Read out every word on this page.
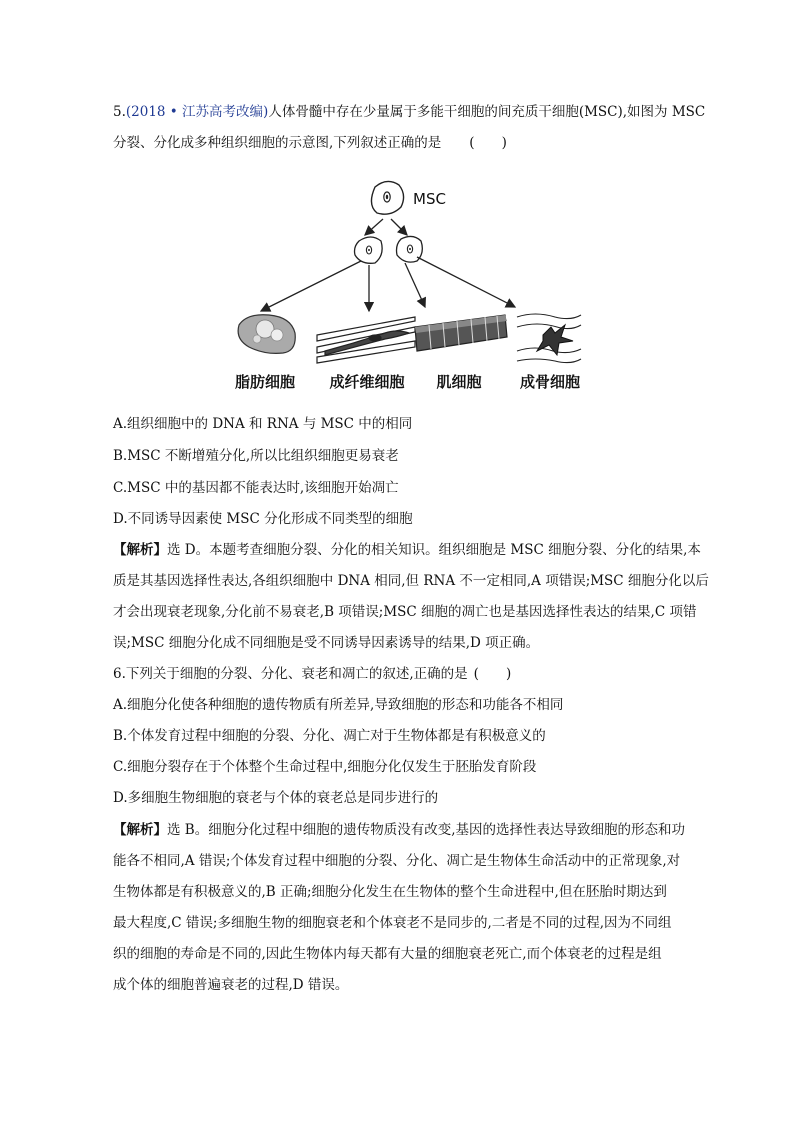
5.(2018 • 江苏高考改编)人体骨髓中存在少量属于多能干细胞的间充质干细胞(MSC),如图为 MSC
分裂、分化成多种组织细胞的示意图,下列叙述正确的是 (　　)
MSC
脂肪细胞 成纤维细胞 肌细胞	成骨细胞
A.组织细胞中的 DNA 和 RNA 与 MSC 中的相同
B.MSC 不断增殖分化,所以比组织细胞更易衰老
C.MSC 中的基因都不能表达时,该细胞开始凋亡
D.不同诱导因素使 MSC 分化形成不同类型的细胞
【解析】选 D。本题考查细胞分裂、分化的相关知识。组织细胞是 MSC 细胞分裂、分化的结果,本
质是其基因选择性表达,各组织细胞中 DNA 相同,但 RNA 不一定相同,A 项错误;MSC 细胞分化以后
才会出现衰老现象,分化前不易衰老,B 项错误;MSC 细胞的凋亡也是基因选择性表达的结果,C 项错
误;MSC 细胞分化成不同细胞是受不同诱导因素诱导的结果,D 项正确。
6.下列关于细胞的分裂、分化、衰老和凋亡的叙述,正确的是 (　　)
A.细胞分化使各种细胞的遗传物质有所差异,导致细胞的形态和功能各不相同
B.个体发育过程中细胞的分裂、分化、凋亡对于生物体都是有积极意义的
C.细胞分裂存在于个体整个生命过程中,细胞分化仅发生于胚胎发育阶段
D.多细胞生物细胞的衰老与个体的衰老总是同步进行的
【解析】选 B。细胞分化过程中细胞的遗传物质没有改变,基因的选择性表达导致细胞的形态和功
能各不相同,A 错误;个体发育过程中细胞的分裂、分化、凋亡是生物体生命活动中的正常现象,对
生物体都是有积极意义的,B 正确;细胞分化发生在生物体的整个生命进程中,但在胚胎时期达到
最大程度,C 错误;多细胞生物的细胞衰老和个体衰老不是同步的,二者是不同的过程,因为不同组
织的细胞的寿命是不同的,因此生物体内每天都有大量的细胞衰老死亡,而个体衰老的过程是组
成个体的细胞普遍衰老的过程,D 错误。
